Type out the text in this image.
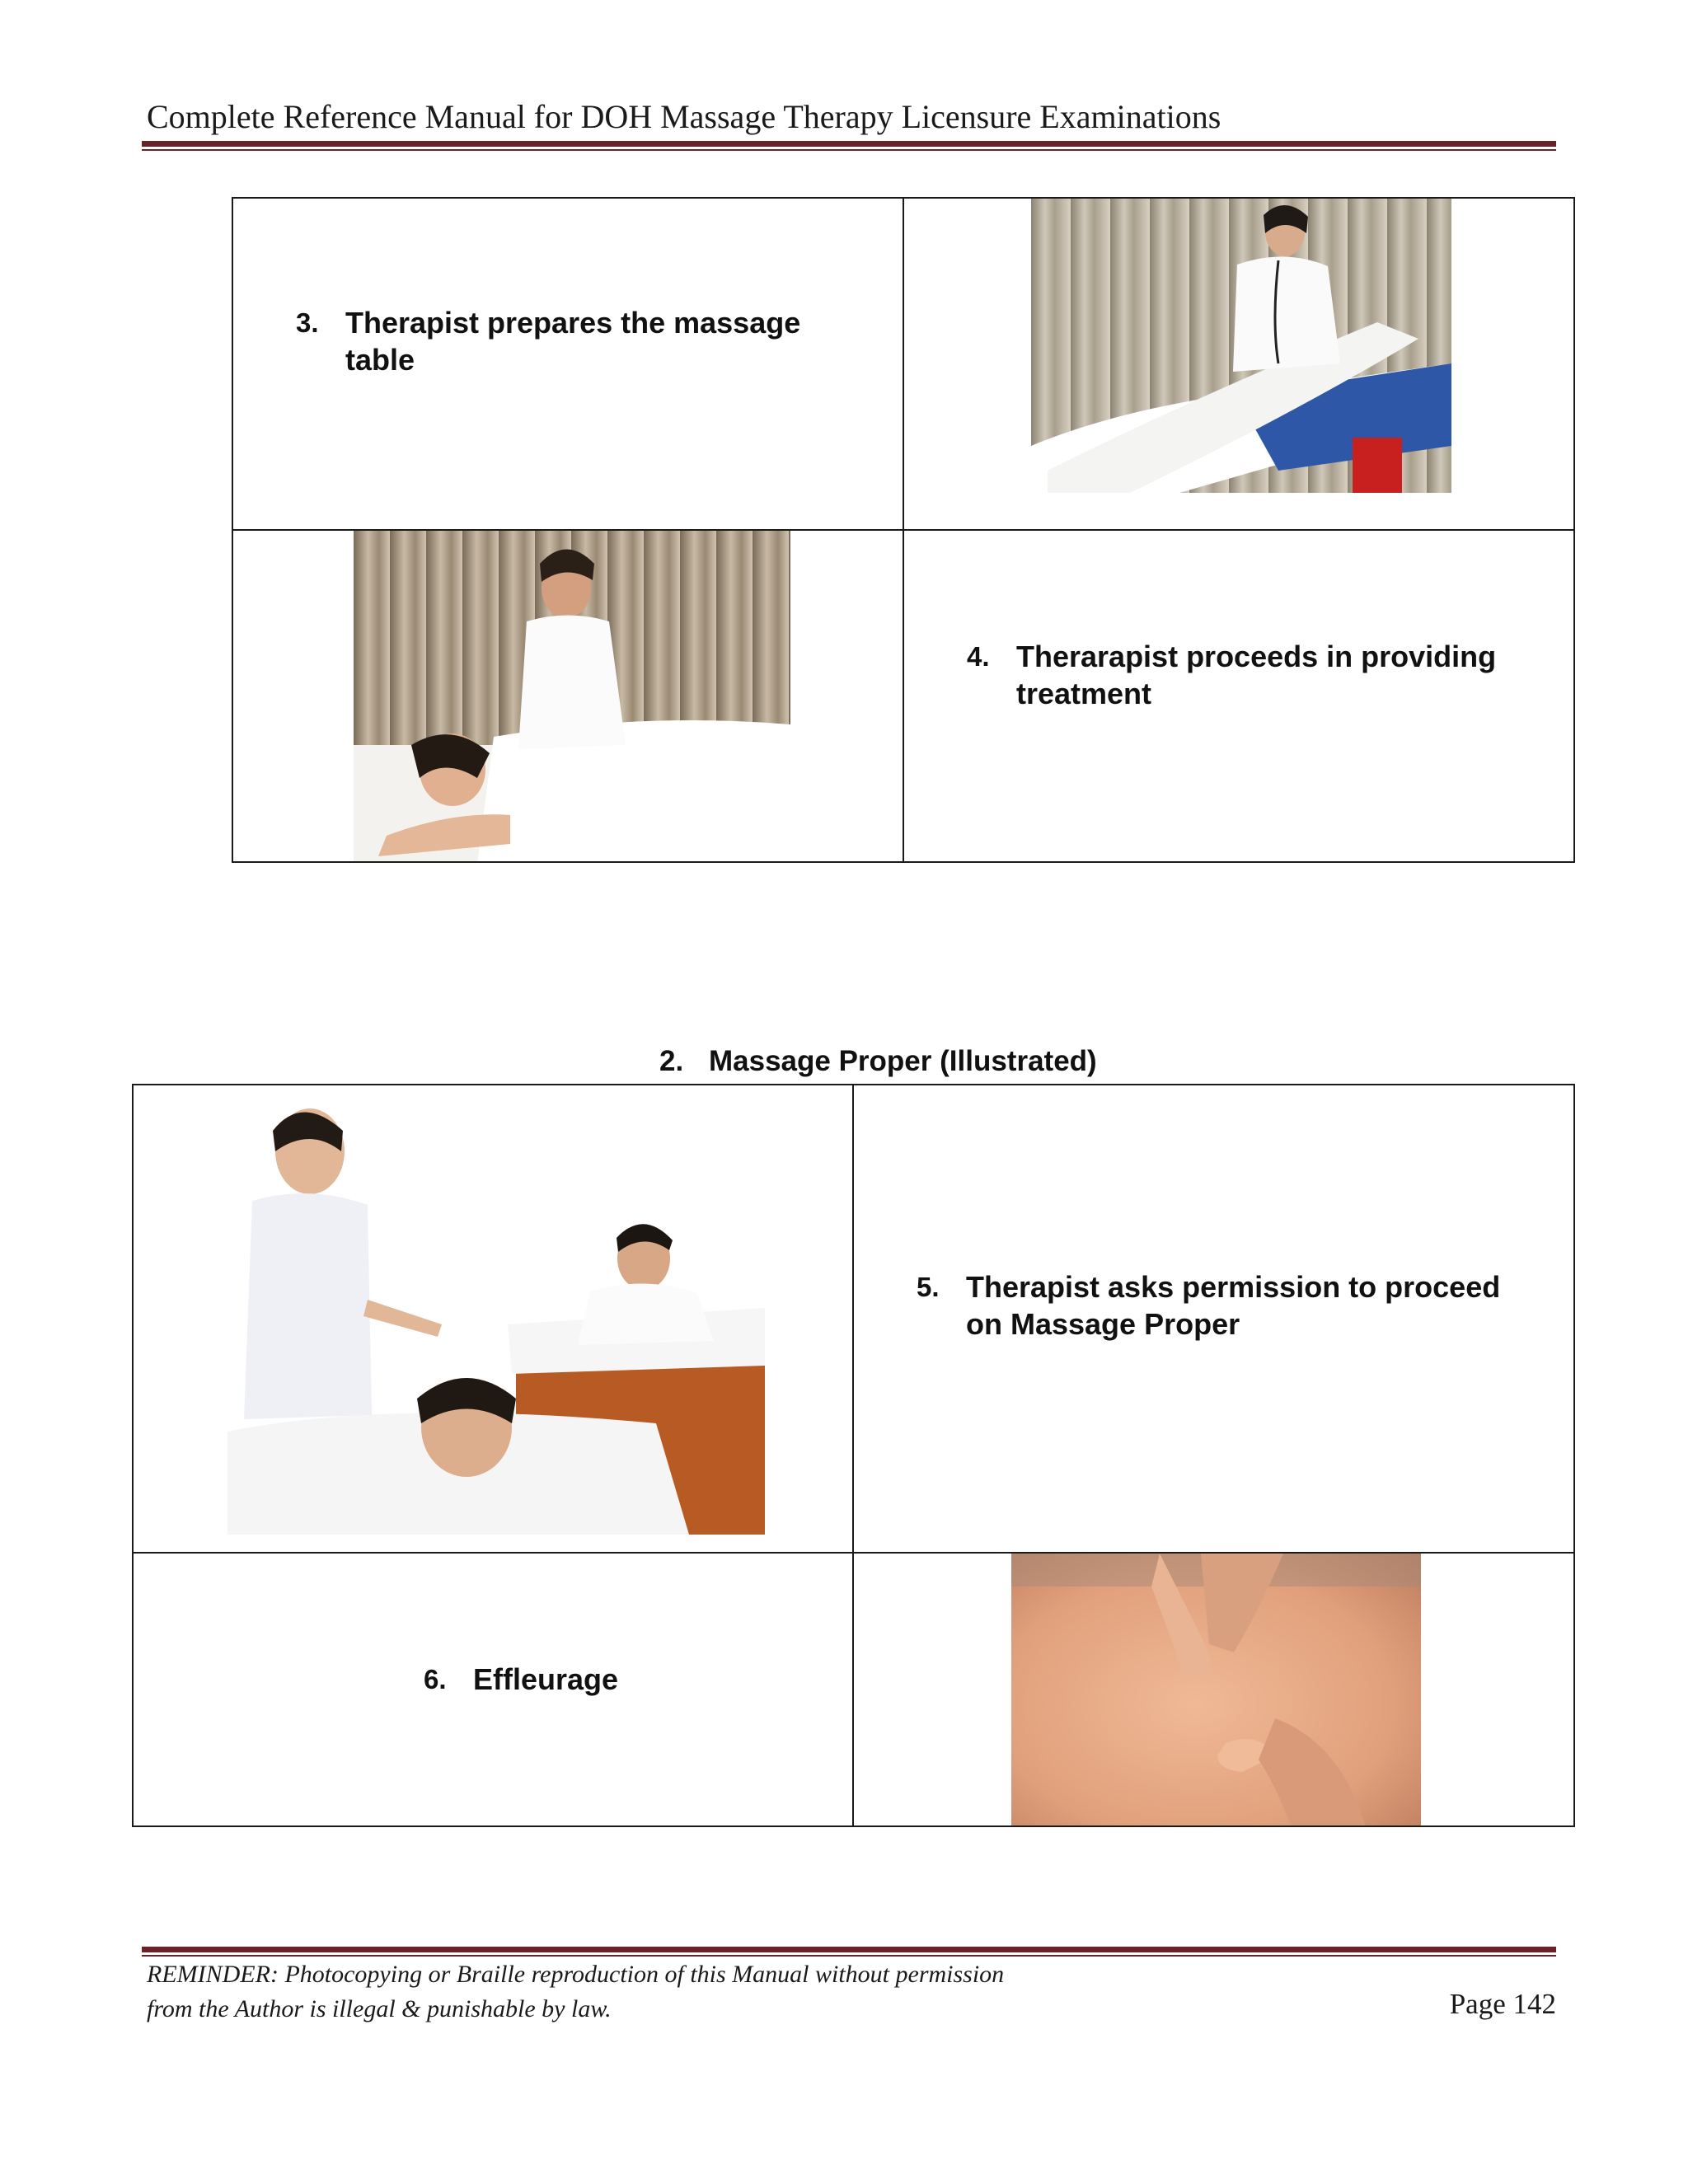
Complete Reference Manual for DOH Massage Therapy Licensure Examinations
3. Therapist prepares the massage table

4. Therarapist proceeds in providing treatment
2. Massage Proper (Illustrated)

5. Therapist asks permission to proceed on Massage Proper

6. Effleurage

REMINDER: Photocopying or Braille reproduction of this Manual without permission
from the Author is illegal & punishable by law.	Page 142
